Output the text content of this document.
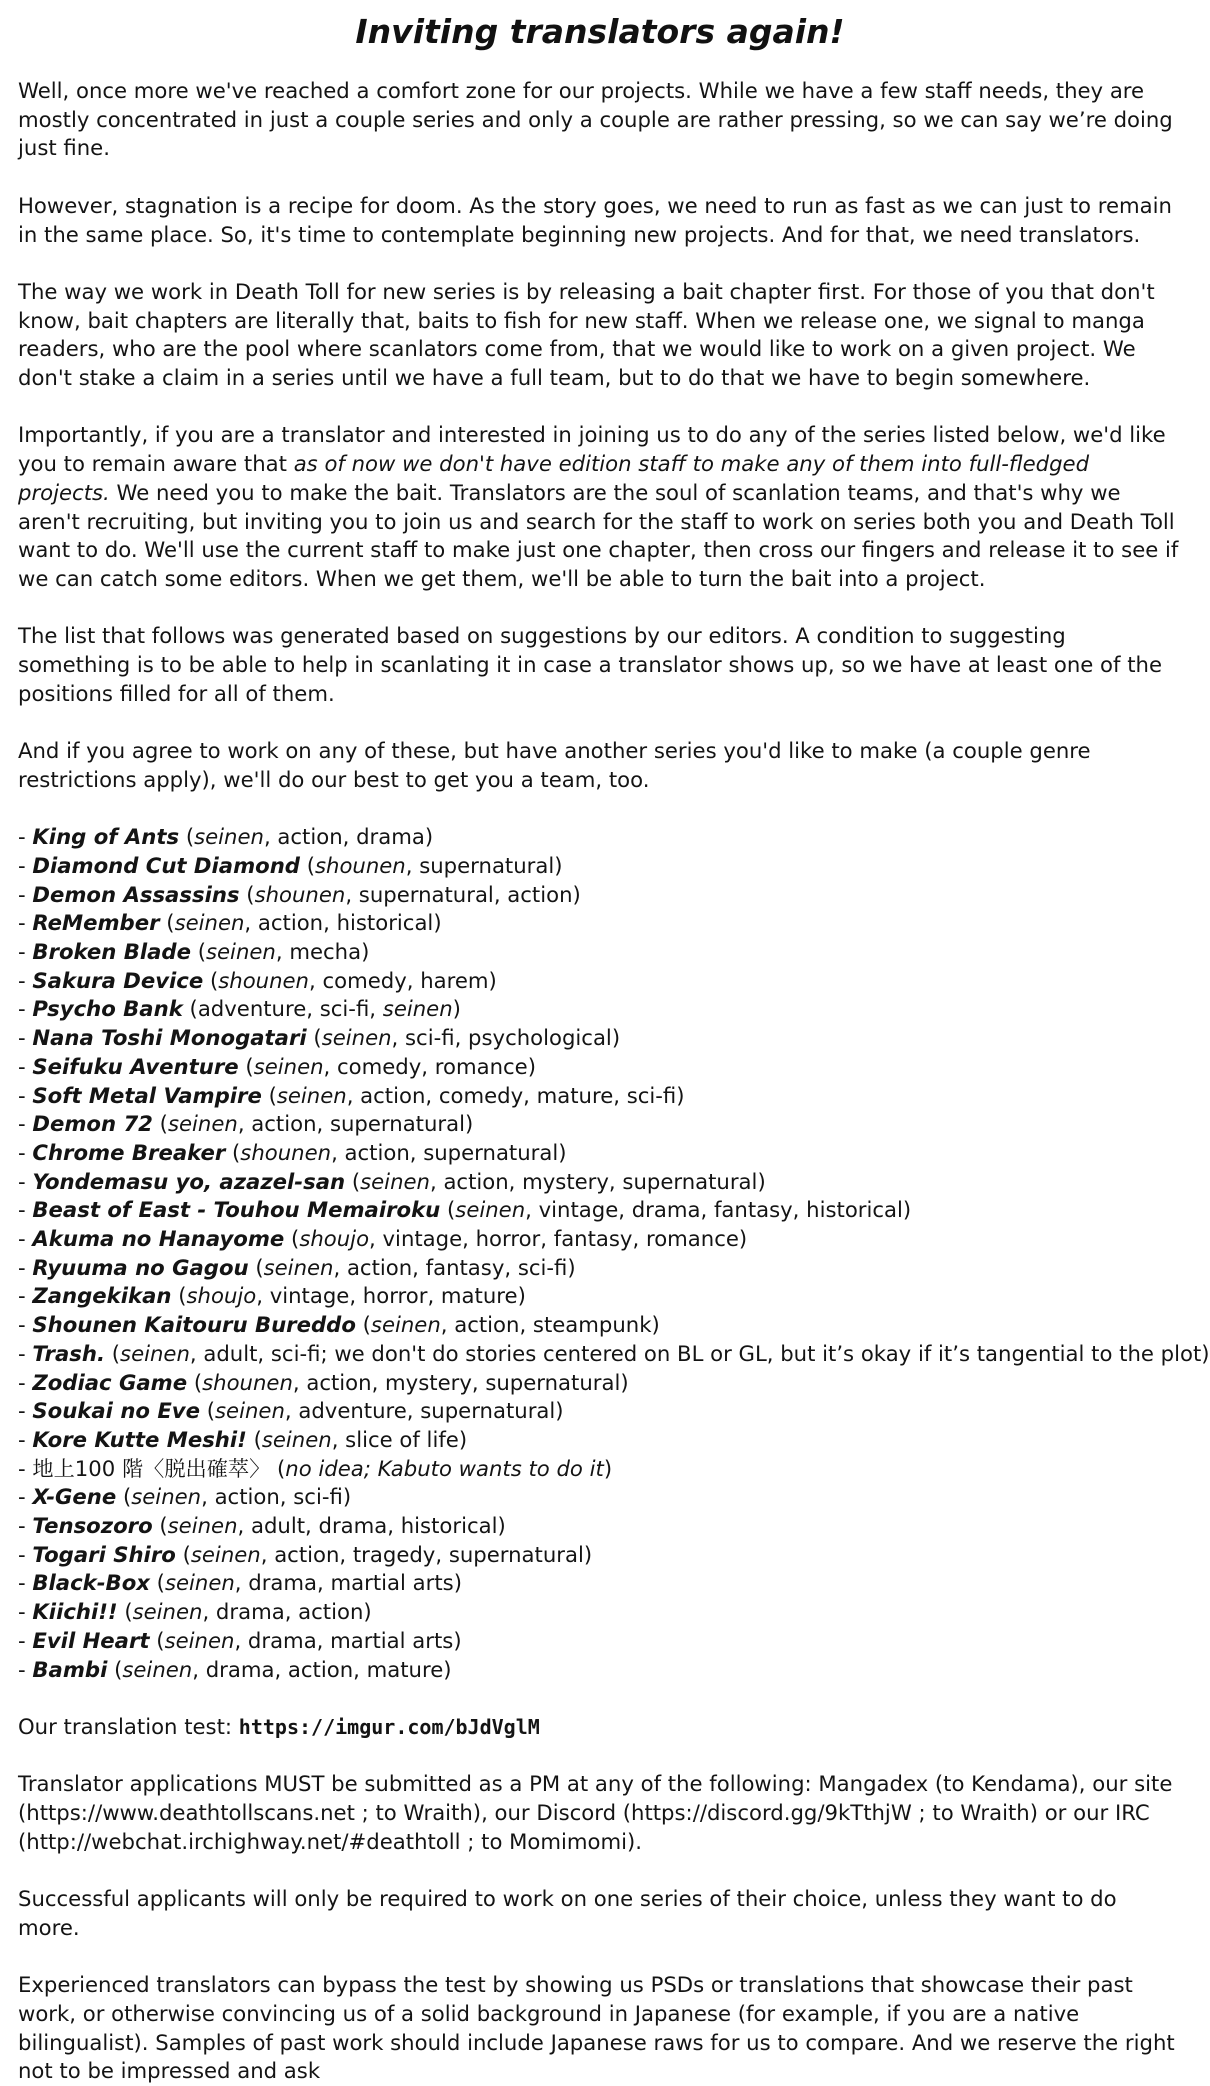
Inviting translators again!

Well, once more we've reached a comfort zone for our projects. While we have a few staff needs, they are mostly concentrated in just a couple series and only a couple are rather pressing, so we can say we’re doing just fine.

However, stagnation is a recipe for doom. As the story goes, we need to run as fast as we can just to remain in the same place. So, it's time to contemplate beginning new projects. And for that, we need translators.

The way we work in Death Toll for new series is by releasing a bait chapter first. For those of you that don't know, bait chapters are literally that, baits to fish for new staff. When we release one, we signal to manga readers, who are the pool where scanlators come from, that we would like to work on a given project. We don't stake a claim in a series until we have a full team, but to do that we have to begin somewhere.

Importantly, if you are a translator and interested in joining us to do any of the series listed below, we'd like you to remain aware that as of now we don't have edition staff to make any of them into full-fledged projects. We need you to make the bait. Translators are the soul of scanlation teams, and that's why we aren't recruiting, but inviting you to join us and search for the staff to work on series both you and Death Toll want to do. We'll use the current staff to make just one chapter, then cross our fingers and release it to see if we can catch some editors. When we get them, we'll be able to turn the bait into a project.

The list that follows was generated based on suggestions by our editors. A condition to suggesting something is to be able to help in scanlating it in case a translator shows up, so we have at least one of the positions filled for all of them.

And if you agree to work on any of these, but have another series you'd like to make (a couple genre restrictions apply), we'll do our best to get you a team, too.

- King of Ants (seinen, action, drama)
- Diamond Cut Diamond (shounen, supernatural)
- Demon Assassins (shounen, supernatural, action)
- ReMember (seinen, action, historical)
- Broken Blade (seinen, mecha)
- Sakura Device (shounen, comedy, harem)
- Psycho Bank (adventure, sci-fi, seinen)
- Nana Toshi Monogatari (seinen, sci-fi, psychological)
- Seifuku Aventure (seinen, comedy, romance)
- Soft Metal Vampire (seinen, action, comedy, mature, sci-fi)
- Demon 72 (seinen, action, supernatural)
- Chrome Breaker (shounen, action, supernatural)
- Yondemasu yo, azazel-san (seinen, action, mystery, supernatural)
- Beast of East - Touhou Memairoku (seinen, vintage, drama, fantasy, historical)
- Akuma no Hanayome (shoujo, vintage, horror, fantasy, romance)
- Ryuuma no Gagou (seinen, action, fantasy, sci-fi)
- Zangekikan (shoujo, vintage, horror, mature)
- Shounen Kaitouru Bureddo (seinen, action, steampunk)
- Trash. (seinen, adult, sci-fi; we don't do stories centered on BL or GL, but it’s okay if it’s tangential to the plot)
- Zodiac Game (shounen, action, mystery, supernatural)
- Soukai no Eve (seinen, adventure, supernatural)
- Kore Kutte Meshi! (seinen, slice of life)
- 地上100 階〈脱出確萃〉 (no idea; Kabuto wants to do it)
- X-Gene (seinen, action, sci-fi)
- Tensozoro (seinen, adult, drama, historical)
- Togari Shiro (seinen, action, tragedy, supernatural)
- Black-Box (seinen, drama, martial arts)
- Kiichi!! (seinen, drama, action)
- Evil Heart (seinen, drama, martial arts)
- Bambi (seinen, drama, action, mature)

Our translation test: https://imgur.com/bJdVglM

Translator applications MUST be submitted as a PM at any of the following: Mangadex (to Kendama), our site (https://www.deathtollscans.net ; to Wraith), our Discord (https://discord.gg/9kTthjW ; to Wraith) or our IRC (http://webchat.irchighway.net/#deathtoll ; to Momimomi).

Successful applicants will only be required to work on one series of their choice, unless they want to do more.

Experienced translators can bypass the test by showing us PSDs or translations that showcase their past work, or otherwise convincing us of a solid background in Japanese (for example, if you are a native bilingualist). Samples of past work should include Japanese raws for us to compare. And we reserve the right not to be impressed and ask
